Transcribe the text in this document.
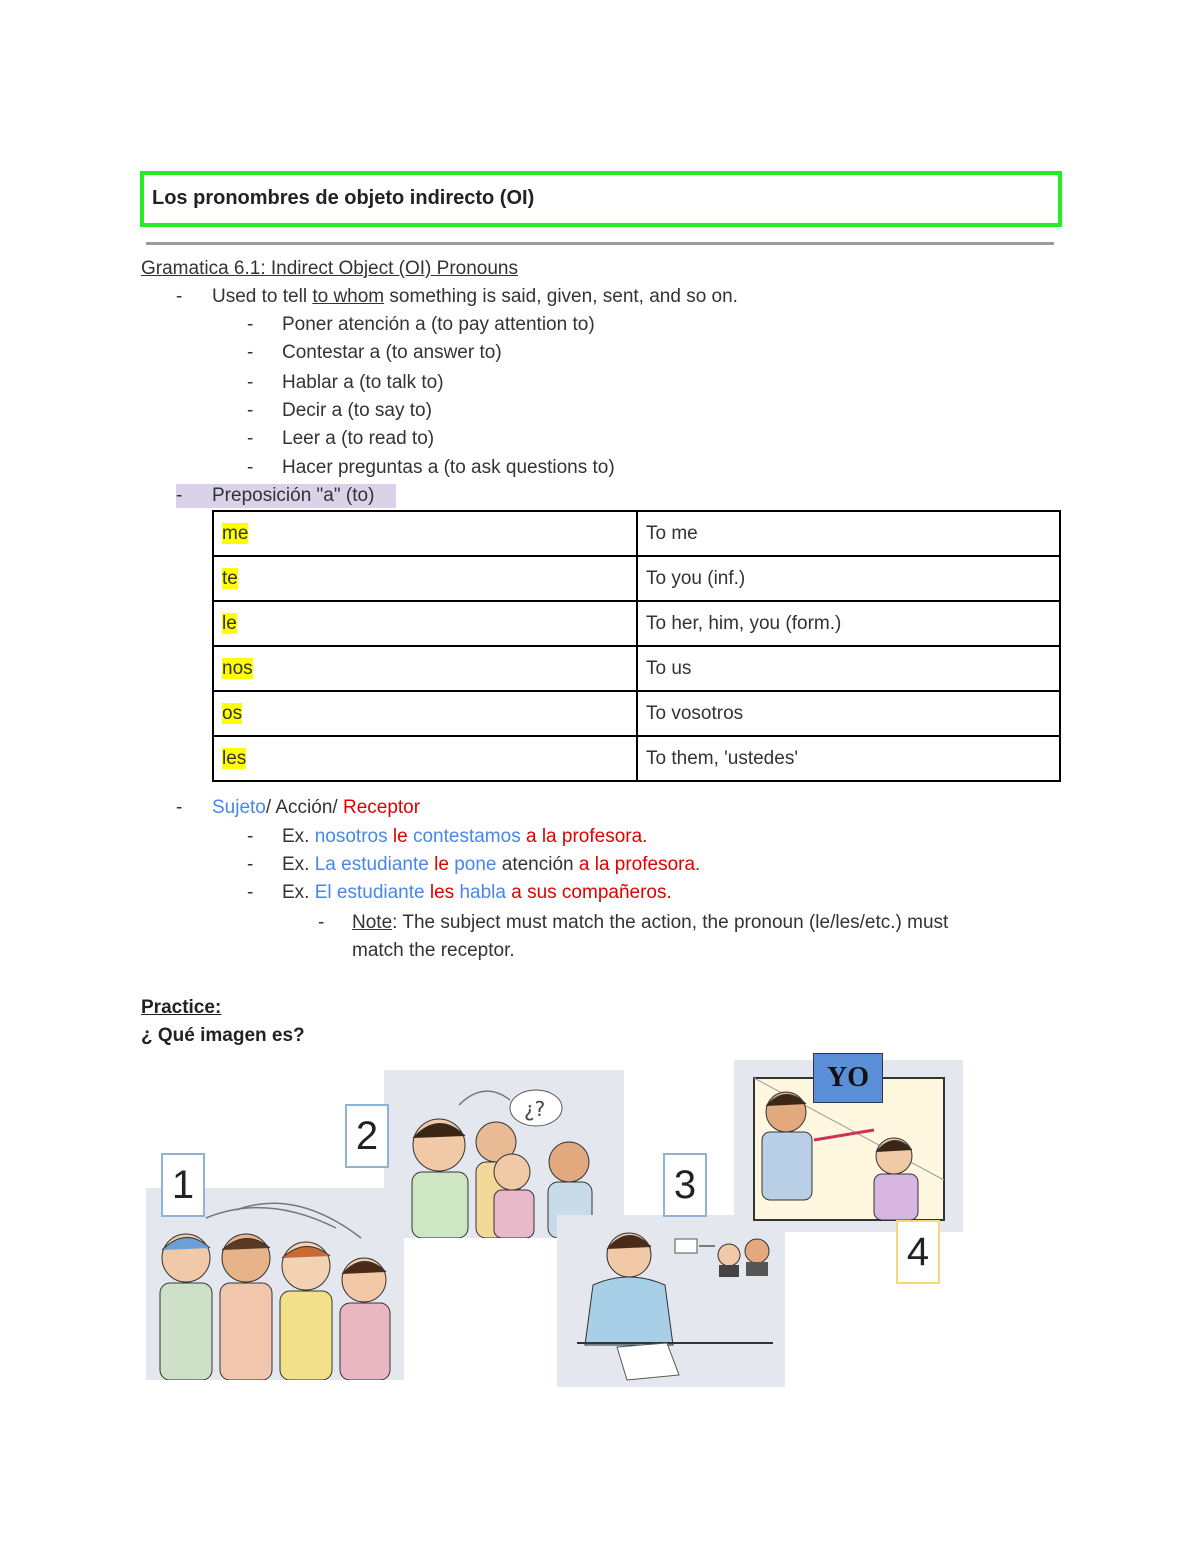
Los pronombres de objeto indirecto (OI)
Gramatica 6.1: Indirect Object (OI) Pronouns
- Used to tell to whom something is said, given, sent, and so on.
- Poner atención a (to pay attention to)
- Contestar a (to answer to)
- Hablar a (to talk to)
- Decir a (to say to)
- Leer a (to read to)
- Hacer preguntas a (to ask questions to)
- Preposición "a" (to)
me	To me
te	To you (inf.)
le	To her, him, you (form.)
nos	To us
os	To vosotros
les	To them, 'ustedes'
- Sujeto/ Acción/ Receptor
- Ex. nosotros le contestamos a la profesora.
- Ex. La estudiante le pone atención a la profesora.
- Ex. El estudiante les habla a sus compañeros.
- Note: The subject must match the action, the pronoun (le/les/etc.) must
match the receptor.
Practice:
¿ Qué imagen es?
1
¿?
2
3
YO
4
